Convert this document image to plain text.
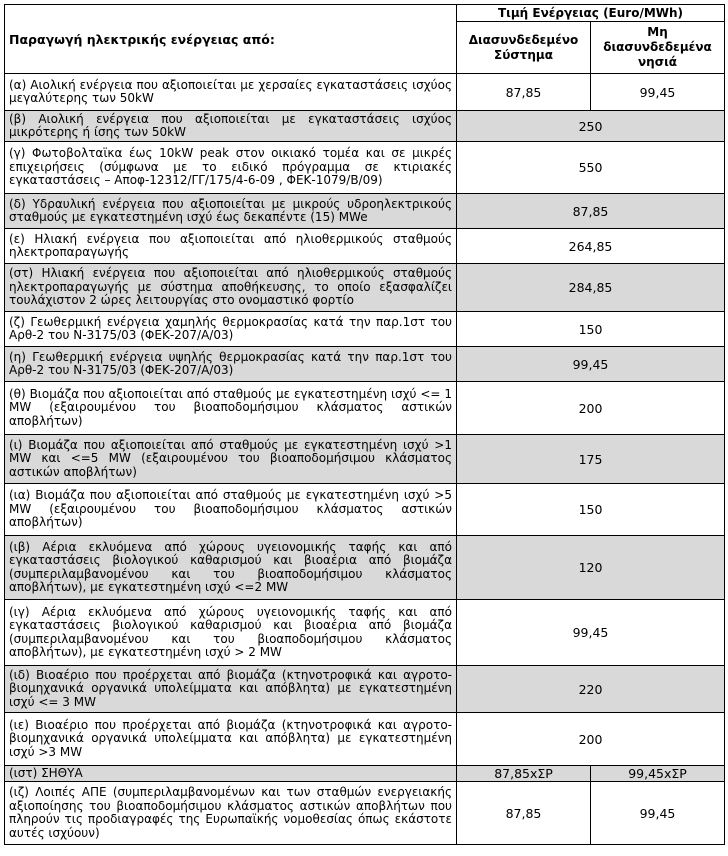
Παραγωγή ηλεκτρικής ενέργειας από:	Τιμή Ενέργειας (Euro/MWh)	
	Διασυνδεδεμένο Σύστημα	Μη διασυνδεδεμένα νησιά
(α) Αιολική ενέργεια που αξιοποιείται με χερσαίες εγκαταστάσεις ισχύος μεγαλύτερης των 50kW	87,85	99,45
(β) Αιολική ενέργεια που αξιοποιείται με εγκαταστάσεις ισχύος μικρότερης ή ίσης των 50kW	250	
(γ) Φωτοβολταϊκα έως 10kW peak στον οικιακό τομέα και σε μικρές επιχειρήσεις (σύμφωνα με το ειδικό πρόγραμμα σε κτιριακές εγκαταστάσεις – Αποφ-12312/ΓΓ/175/4-6-09 , ΦΕΚ-1079/Β/09)	550	
(δ) Υδραυλική ενέργεια που αξιοποιείται με μικρούς υδροηλεκτρικούς σταθμούς με εγκατεστημένη ισχύ έως δεκαπέντε (15) MWe	87,85	
(ε) Ηλιακή ενέργεια που αξιοποιείται από ηλιοθερμικούς σταθμούς ηλεκτροπαραγωγής	264,85	
(στ) Ηλιακή ενέργεια που αξιοποιείται από ηλιοθερμικούς σταθμούς ηλεκτροπαραγωγής με σύστημα αποθήκευσης, το οποίο εξασφαλίζει τουλάχιστον 2 ώρες λειτουργίας στο ονομαστικό φορτίο	284,85	
(ζ) Γεωθερμική ενέργεια χαμηλής θερμοκρασίας κατά την παρ.1στ του Αρθ-2 του Ν-3175/03 (ΦΕΚ-207/Α/03)	150	
(η) Γεωθερμική ενέργεια υψηλής θερμοκρασίας κατά την παρ.1στ του Αρθ-2 του Ν-3175/03 (ΦΕΚ-207/Α/03)	99,45	
(θ) Βιομάζα που αξιοποιείται από σταθμούς με εγκατεστημένη ισχύ <= 1 MW (εξαιρουμένου του βιοαποδομήσιμου κλάσματος αστικών αποβλήτων)	200	
(ι) Βιομάζα που αξιοποιείται από σταθμούς με εγκατεστημένη ισχύ >1 MW και <=5 MW (εξαιρουμένου του βιοαποδομήσιμου κλάσματος αστικών αποβλήτων)	175	
(ια) Βιομάζα που αξιοποιείται από σταθμούς με εγκατεστημένη ισχύ >5 MW (εξαιρουμένου του βιοαποδομήσιμου κλάσματος αστικών αποβλήτων)	150	
(ιβ) Αέρια εκλυόμενα από χώρους υγειονομικής ταφής και από εγκαταστάσεις βιολογικού καθαρισμού και βιοαέρια από βιομάζα (συμπεριλαμβανομένου και του βιοαποδομήσιμου κλάσματος αποβλήτων), με εγκατεστημένη ισχύ <=2 MW	120	
(ιγ) Αέρια εκλυόμενα από χώρους υγειονομικής ταφής και από εγκαταστάσεις βιολογικού καθαρισμού και βιοαέρια από βιομάζα (συμπεριλαμβανομένου και του βιοαποδομήσιμου κλάσματος αποβλήτων), με εγκατεστημένη ισχύ > 2 MW	99,45	
(ιδ) Βιοαέριο που προέρχεται από βιομάζα (κτηνοτροφικά και αγροτο-βιομηχανικά οργανικά υπολείμματα και απόβλητα) με εγκατεστημένη ισχύ <= 3 MW	220	
(ιε) Βιοαέριο που προέρχεται από βιομάζα (κτηνοτροφικά και αγροτο-βιομηχανικά οργανικά υπολείμματα και απόβλητα) με εγκατεστημένη ισχύ >3 MW	200	
(ιστ) ΣΗΘΥΑ	87,85xΣΡ	99,45xΣΡ
(ιζ) Λοιπές ΑΠΕ (συμπεριλαμβανομένων και των σταθμών ενεργειακής αξιοποίησης του βιοαποδομήσιμου κλάσματος αστικών αποβλήτων που πληρούν τις προδιαγραφές της Ευρωπαϊκής νομοθεσίας όπως εκάστοτε αυτές ισχύουν)	87,85	99,45
